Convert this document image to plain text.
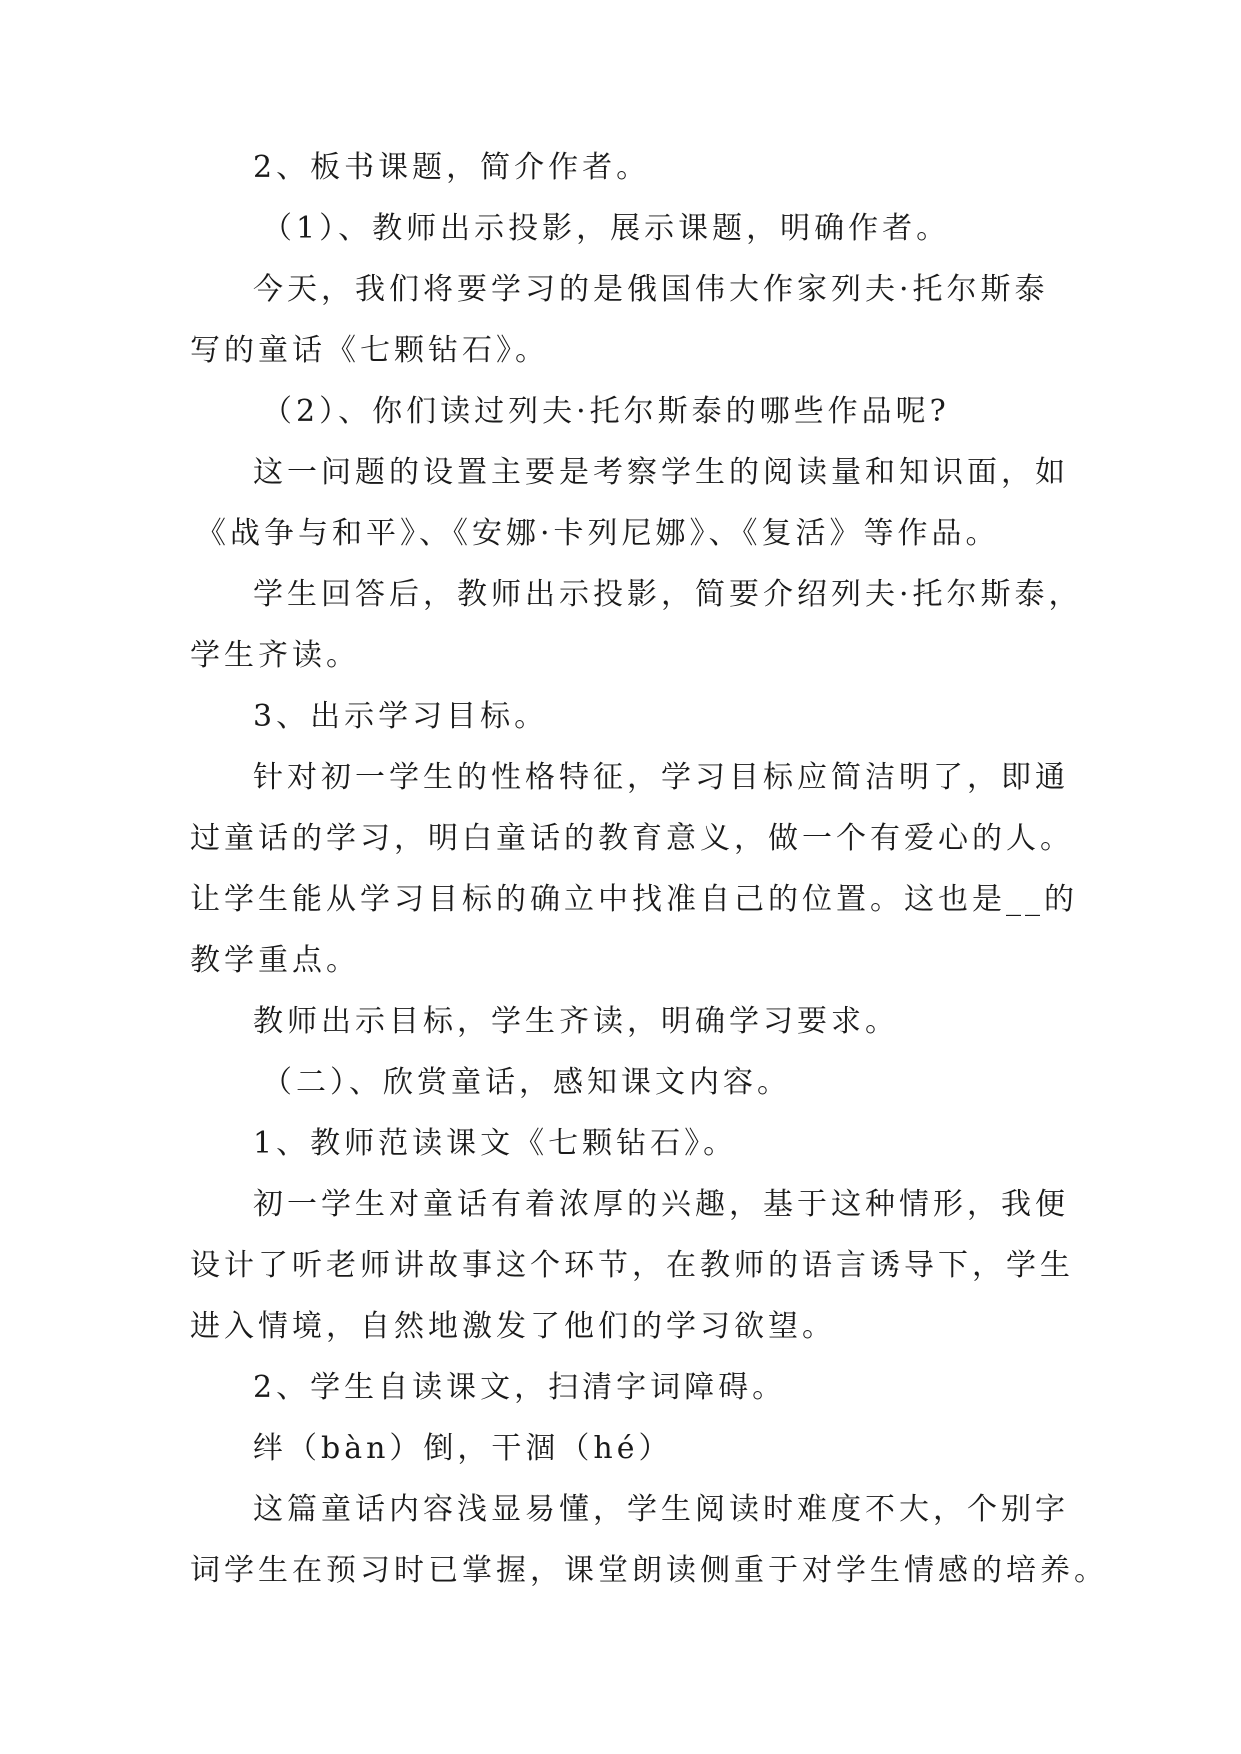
2、板书课题，简介作者。
（1）、教师出示投影，展示课题，明确作者。
今天，我们将要学习的是俄国伟大作家列夫·托尔斯泰
写的童话《七颗钻石》。
（2）、你们读过列夫·托尔斯泰的哪些作品呢?
这一问题的设置主要是考察学生的阅读量和知识面，如
《战争与和平》、《安娜·卡列尼娜》、《复活》等作品。
学生回答后，教师出示投影，简要介绍列夫·托尔斯泰，
学生齐读。
3、出示学习目标。
针对初一学生的性格特征，学习目标应简洁明了，即通
过童话的学习，明白童话的教育意义，做一个有爱心的人。
让学生能从学习目标的确立中找准自己的位置。这也是__的
教学重点。
教师出示目标，学生齐读，明确学习要求。
（二）、欣赏童话，感知课文内容。
1、教师范读课文《七颗钻石》。
初一学生对童话有着浓厚的兴趣，基于这种情形，我便
设计了听老师讲故事这个环节，在教师的语言诱导下，学生
进入情境，自然地激发了他们的学习欲望。
2、学生自读课文，扫清字词障碍。
绊（bàn）倒，干涸（hé）
这篇童话内容浅显易懂，学生阅读时难度不大，个别字
词学生在预习时已掌握，课堂朗读侧重于对学生情感的培养。
